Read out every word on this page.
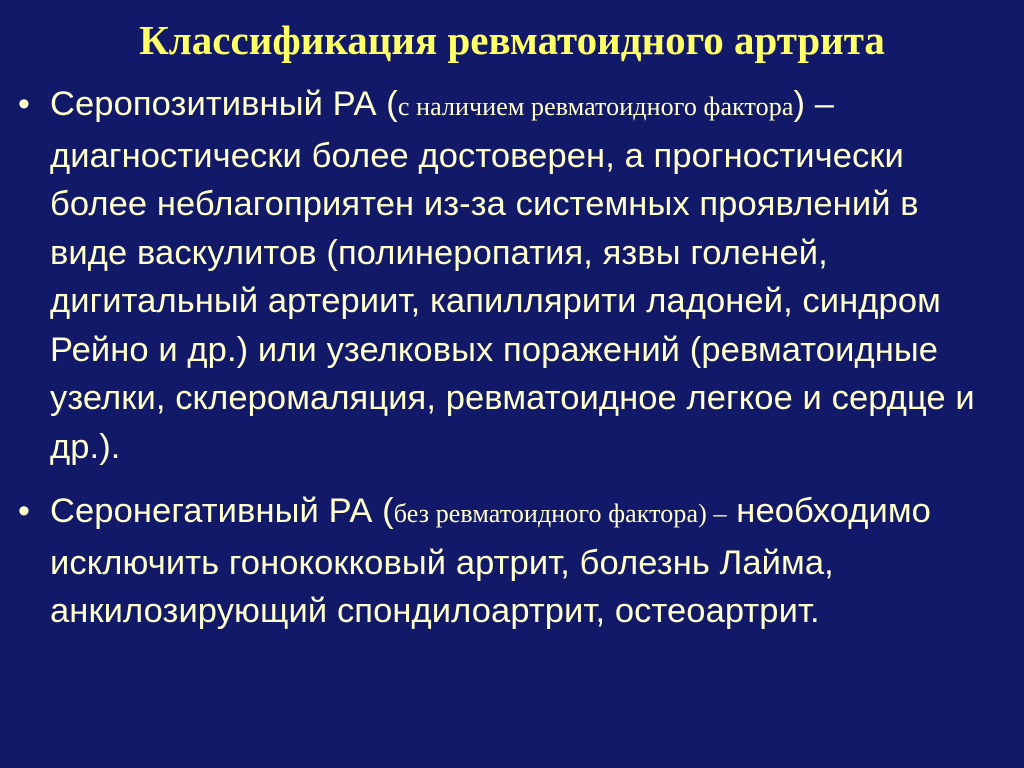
Классификация ревматоидного артрита
• Серопозитивный РА (с наличием ревматоидного фактора) – диагностически более достоверен, а прогностически более неблагоприятен из-за системных проявлений в виде васкулитов (полинеропатия, язвы голеней, дигитальный артериит, капиллярити ладоней, синдром Рейно и др.) или узелковых поражений (ревматоидные узелки, склеромаляция, ревматоидное легкое и сердце и др.).
• Серонегативный РА (без ревматоидного фактора) – необходимо исключить гонококковый артрит, болезнь Лайма, анкилозирующий спондилоартрит, остеоартрит.
